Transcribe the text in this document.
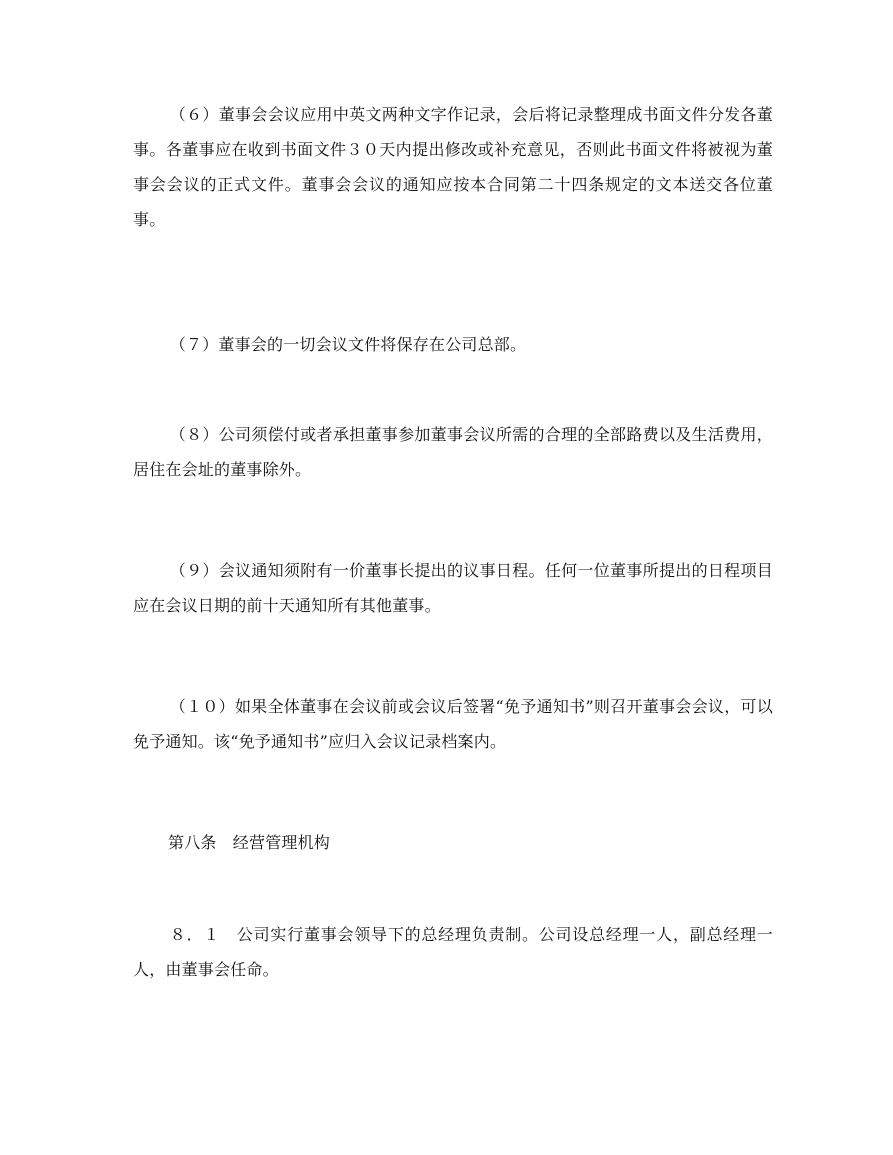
（６）董事会会议应用中英文两种文字作记录，会后将记录整理成书面文件分发各董事。各董事应在收到书面文件３０天内提出修改或补充意见，否则此书面文件将被视为董事会会议的正式文件。董事会会议的通知应按本合同第二十四条规定的文本送交各位董事。

（７）董事会的一切会议文件将保存在公司总部。

（８）公司须偿付或者承担董事参加董事会议所需的合理的全部路费以及生活费用，居住在会址的董事除外。

（９）会议通知须附有一价董事长提出的议事日程。任何一位董事所提出的日程项目应在会议日期的前十天通知所有其他董事。

（１０）如果全体董事在会议前或会议后签署“免予通知书”则召开董事会会议，可以免予通知。该“免予通知书”应归入会议记录档案内。

第八条　经营管理机构

８．１　公司实行董事会领导下的总经理负责制。公司设总经理一人，副总经理一人，由董事会任命。
